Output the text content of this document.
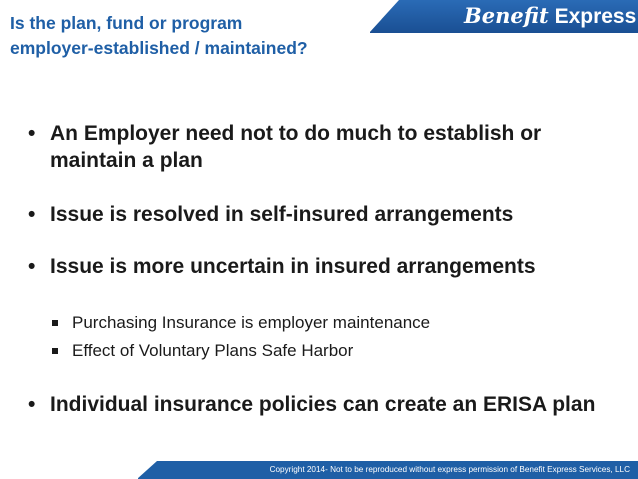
Is the plan, fund or program employer-established / maintained?
Benefit Express
• An Employer need not to do much to establish or maintain a plan
• Issue is resolved in self-insured arrangements
• Issue is more uncertain in insured arrangements
Purchasing Insurance is employer maintenance
Effect of Voluntary Plans Safe Harbor
• Individual insurance policies can create an ERISA plan
Copyright 2014- Not to be reproduced without express permission of Benefit Express Services, LLC
